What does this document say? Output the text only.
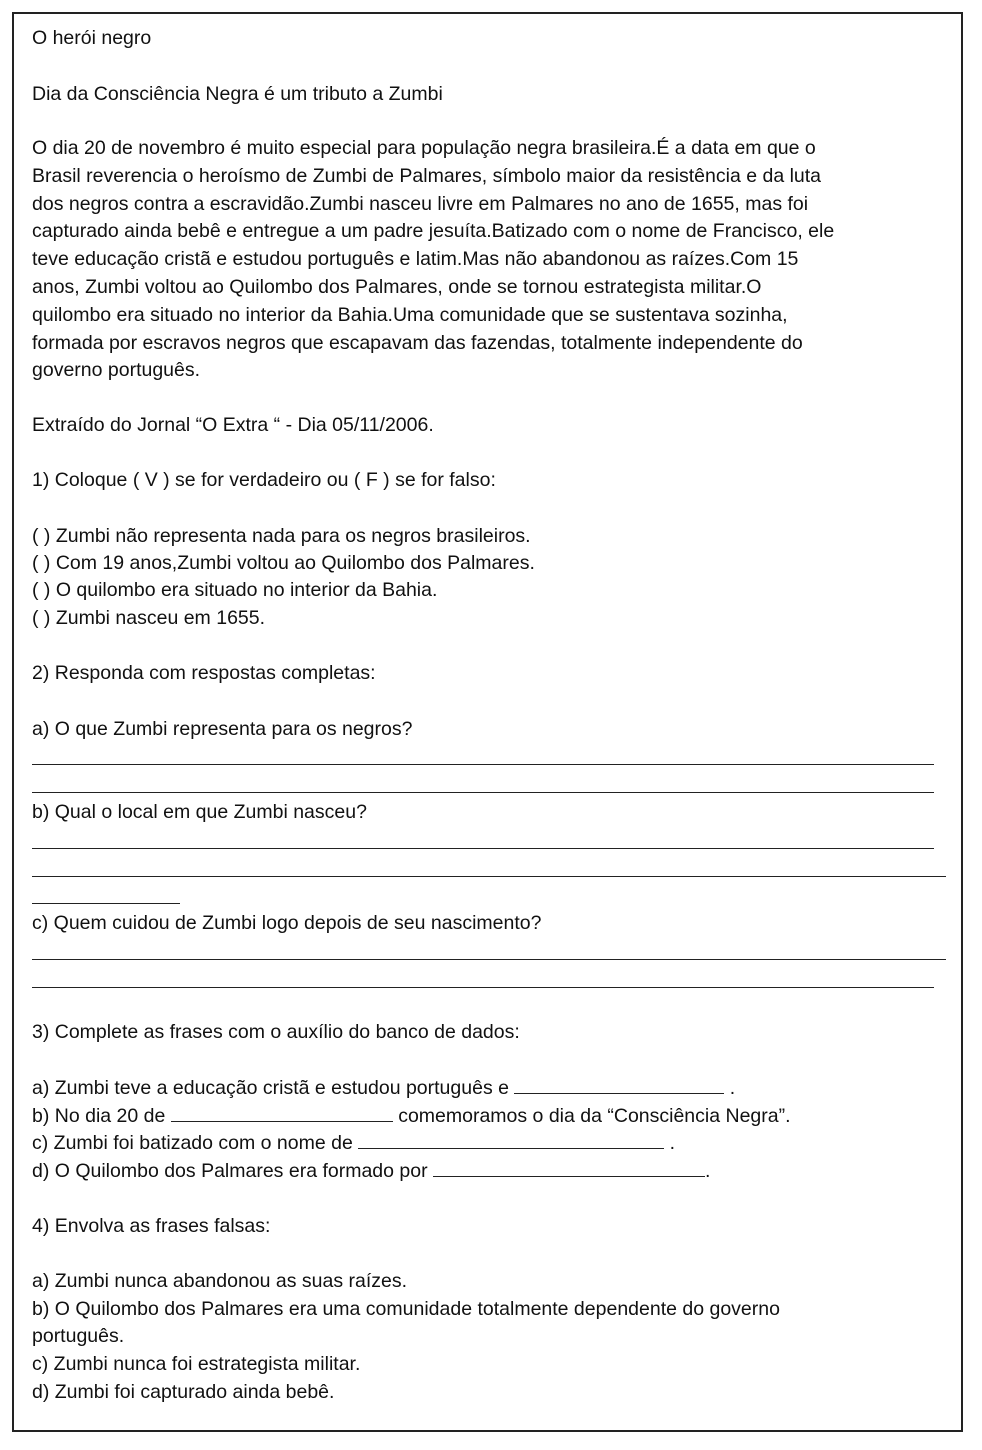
O herói negro
Dia da Consciência Negra é um tributo a Zumbi
O dia 20 de novembro é muito especial para população negra brasileira.É a data em que o
Brasil reverencia o heroísmo de Zumbi de Palmares, símbolo maior da resistência e da luta
dos negros contra a escravidão.Zumbi nasceu livre em Palmares no ano de 1655, mas foi
capturado ainda bebê e entregue a um padre jesuíta.Batizado com o nome de Francisco, ele
teve educação cristã e estudou português e latim.Mas não abandonou as raízes.Com 15
anos, Zumbi voltou ao Quilombo dos Palmares, onde se tornou estrategista militar.O
quilombo era situado no interior da Bahia.Uma comunidade que se sustentava sozinha,
formada por escravos negros que escapavam das fazendas, totalmente independente do
governo português.
Extraído do Jornal “O Extra “ - Dia 05/11/2006.
1) Coloque ( V ) se for verdadeiro ou ( F ) se for falso:
( ) Zumbi não representa nada para os negros brasileiros.
( ) Com 19 anos,Zumbi voltou ao Quilombo dos Palmares.
( ) O quilombo era situado no interior da Bahia.
( ) Zumbi nasceu em 1655.
2) Responda com respostas completas:
a) O que Zumbi representa para os negros?
b) Qual o local em que Zumbi nasceu?
c) Quem cuidou de Zumbi logo depois de seu nascimento?
3) Complete as frases com o auxílio do banco de dados:
a) Zumbi teve a educação cristã e estudou português e	.
b) No dia 20 de	comemoramos o dia da “Consciência Negra”.
c) Zumbi foi batizado com o nome de	.
d) O Quilombo dos Palmares era formado por	.
4) Envolva as frases falsas:
a) Zumbi nunca abandonou as suas raízes.
b) O Quilombo dos Palmares era uma comunidade totalmente dependente do governo
português.
c) Zumbi nunca foi estrategista militar.
d) Zumbi foi capturado ainda bebê.
